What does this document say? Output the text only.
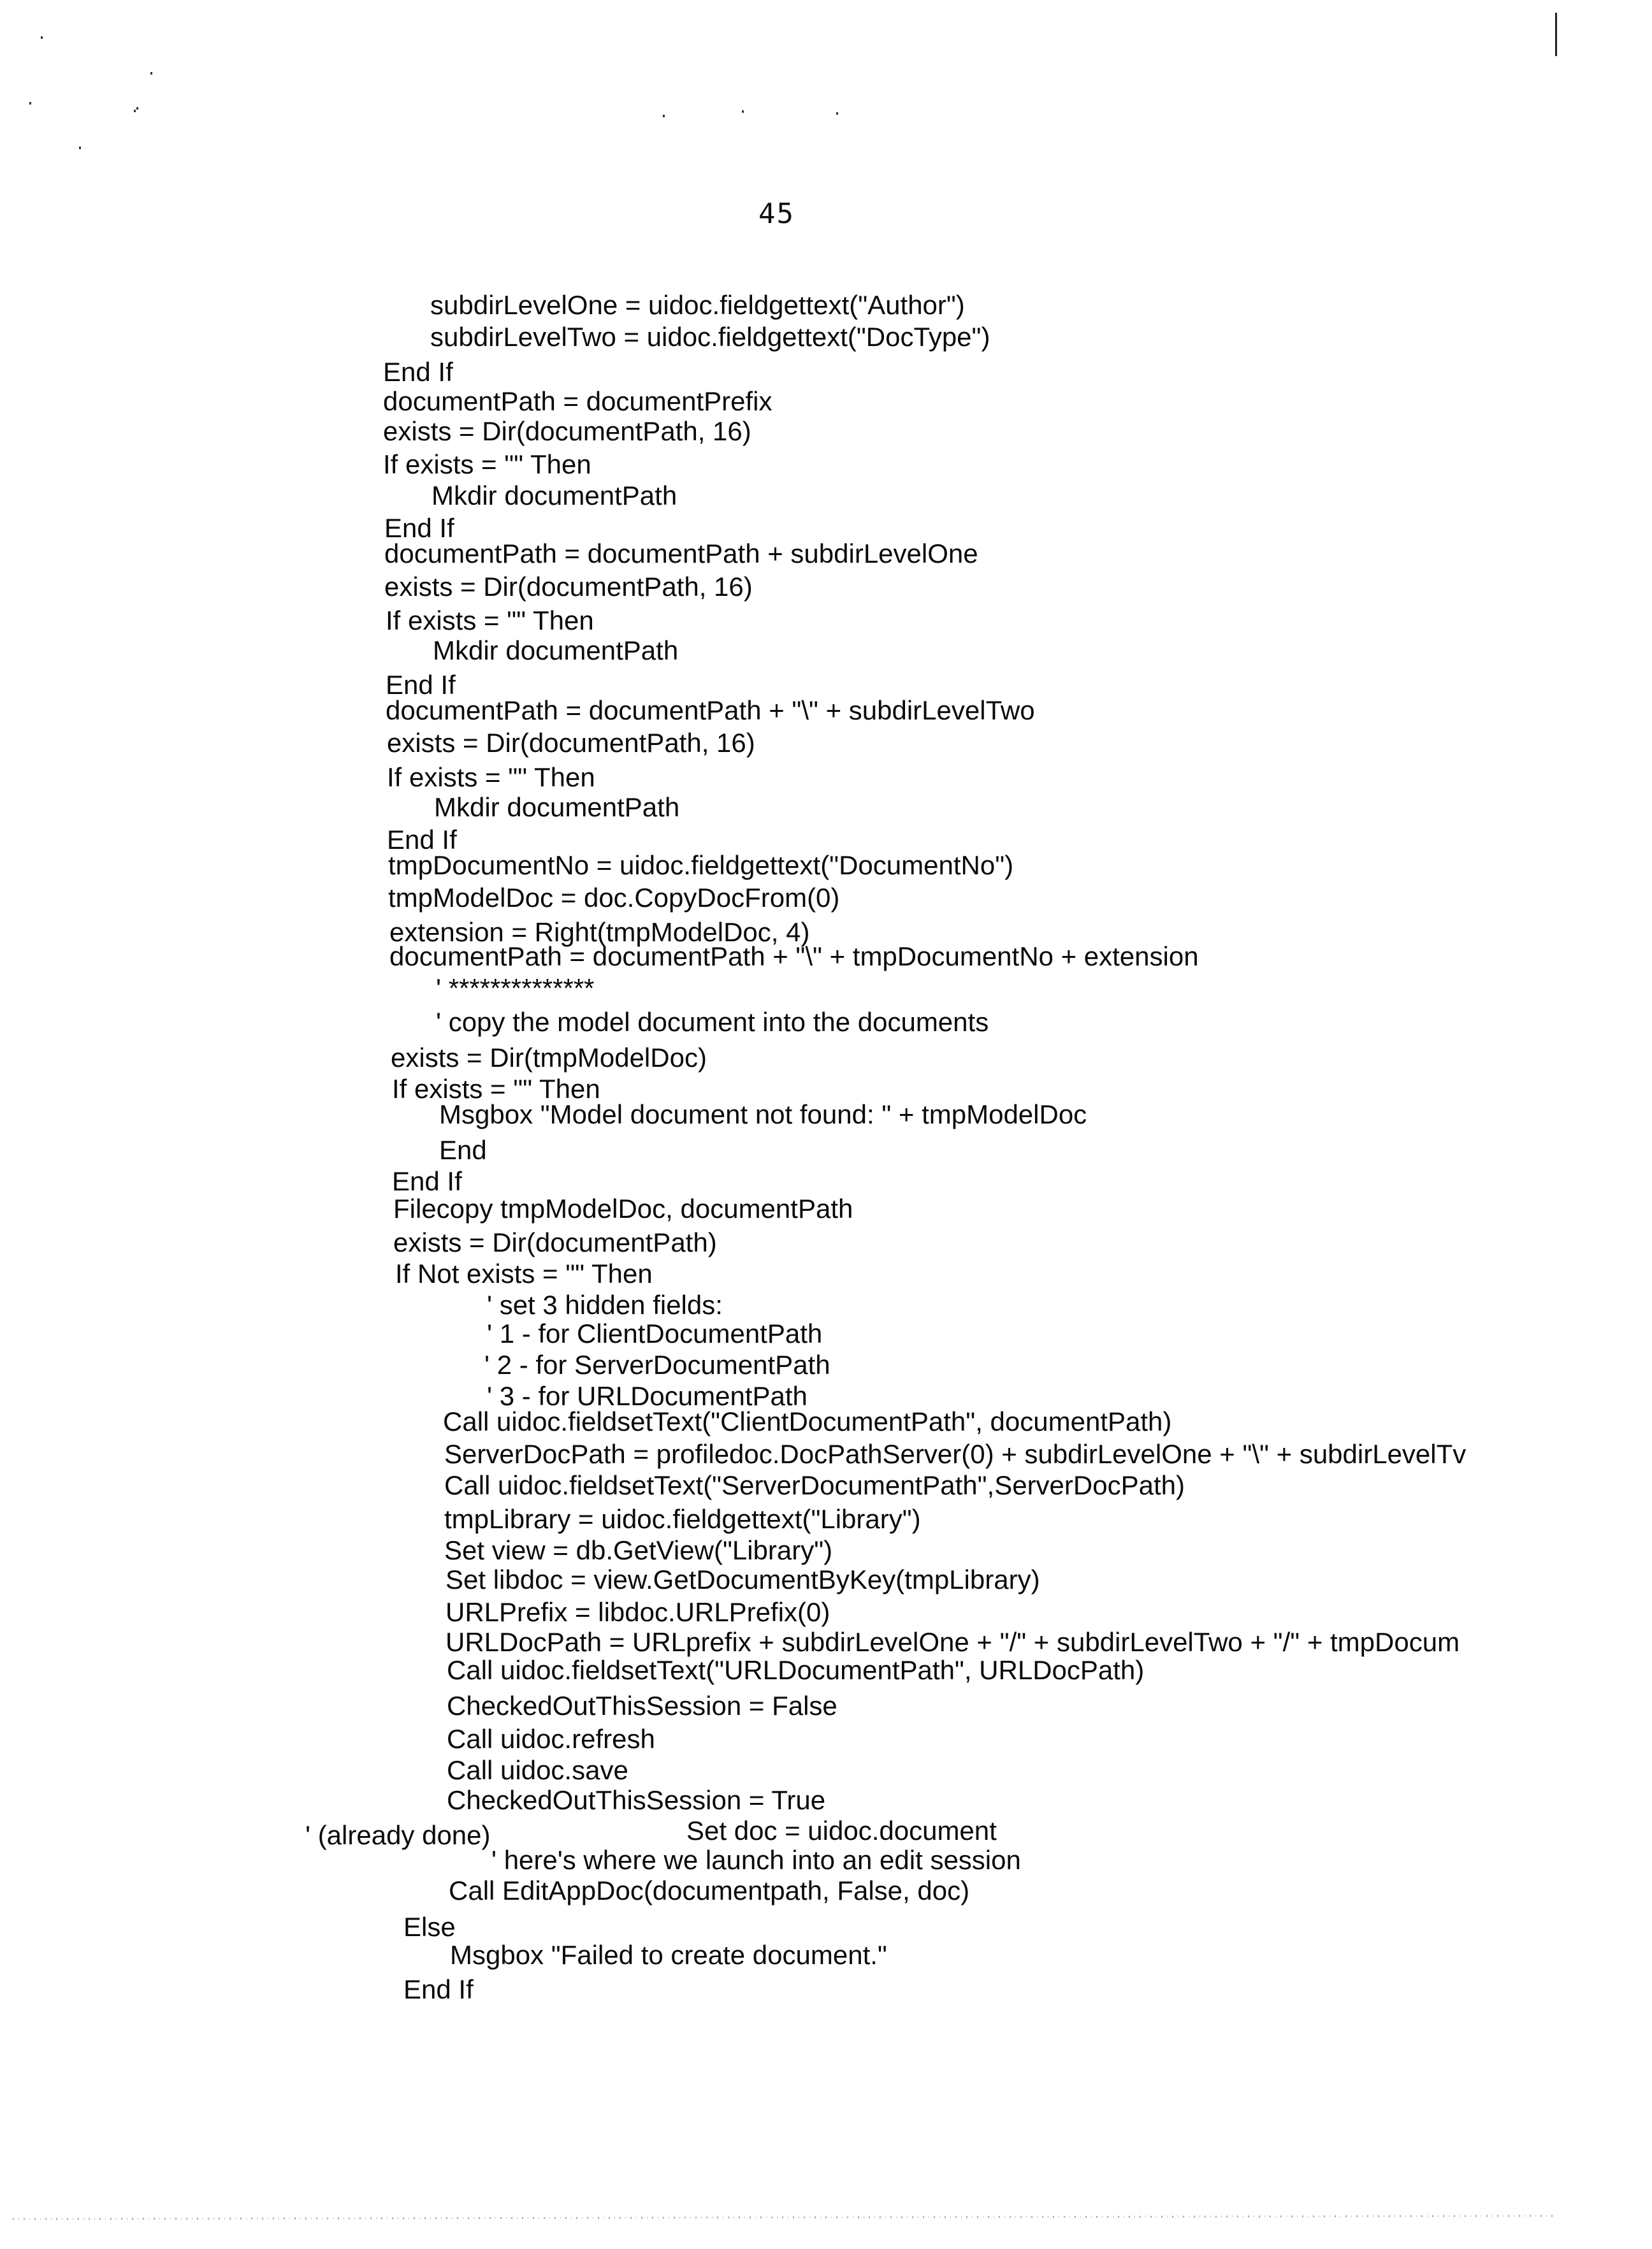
45
subdirLevelOne = uidoc.fieldgettext("Author")
subdirLevelTwo = uidoc.fieldgettext("DocType")
End If
documentPath = documentPrefix
exists = Dir(documentPath, 16)
If exists = "" Then
Mkdir documentPath
End If
documentPath = documentPath + subdirLevelOne
exists = Dir(documentPath, 16)
If exists = "" Then
Mkdir documentPath
End If
documentPath = documentPath + "\" + subdirLevelTwo
exists = Dir(documentPath, 16)
If exists = "" Then
Mkdir documentPath
End If
tmpDocumentNo = uidoc.fieldgettext("DocumentNo")
tmpModelDoc = doc.CopyDocFrom(0)
extension = Right(tmpModelDoc, 4)
documentPath = documentPath + "\" + tmpDocumentNo + extension
' **************
' copy the model document into the documents
exists = Dir(tmpModelDoc)
If exists = "" Then
Msgbox "Model document not found: " + tmpModelDoc
End
End If
Filecopy tmpModelDoc, documentPath
exists = Dir(documentPath)
If Not exists = "" Then
' set 3 hidden fields:
' 1 - for ClientDocumentPath
' 2 - for ServerDocumentPath
' 3 - for URLDocumentPath
Call uidoc.fieldsetText("ClientDocumentPath", documentPath)
ServerDocPath = profiledoc.DocPathServer(0) + subdirLevelOne + "\" + subdirLevelTv
Call uidoc.fieldsetText("ServerDocumentPath",ServerDocPath)
tmpLibrary = uidoc.fieldgettext("Library")
Set view = db.GetView("Library")
Set libdoc = view.GetDocumentByKey(tmpLibrary)
URLPrefix = libdoc.URLPrefix(0)
URLDocPath = URLprefix + subdirLevelOne + "/" + subdirLevelTwo + "/" + tmpDocum
Call uidoc.fieldsetText("URLDocumentPath", URLDocPath)
CheckedOutThisSession = False
Call uidoc.refresh
Call uidoc.save
CheckedOutThisSession = True
' (already done)	Set doc = uidoc.document
' here's where we launch into an edit session
Call EditAppDoc(documentpath, False, doc)
Else
Msgbox "Failed to create document."
End If
